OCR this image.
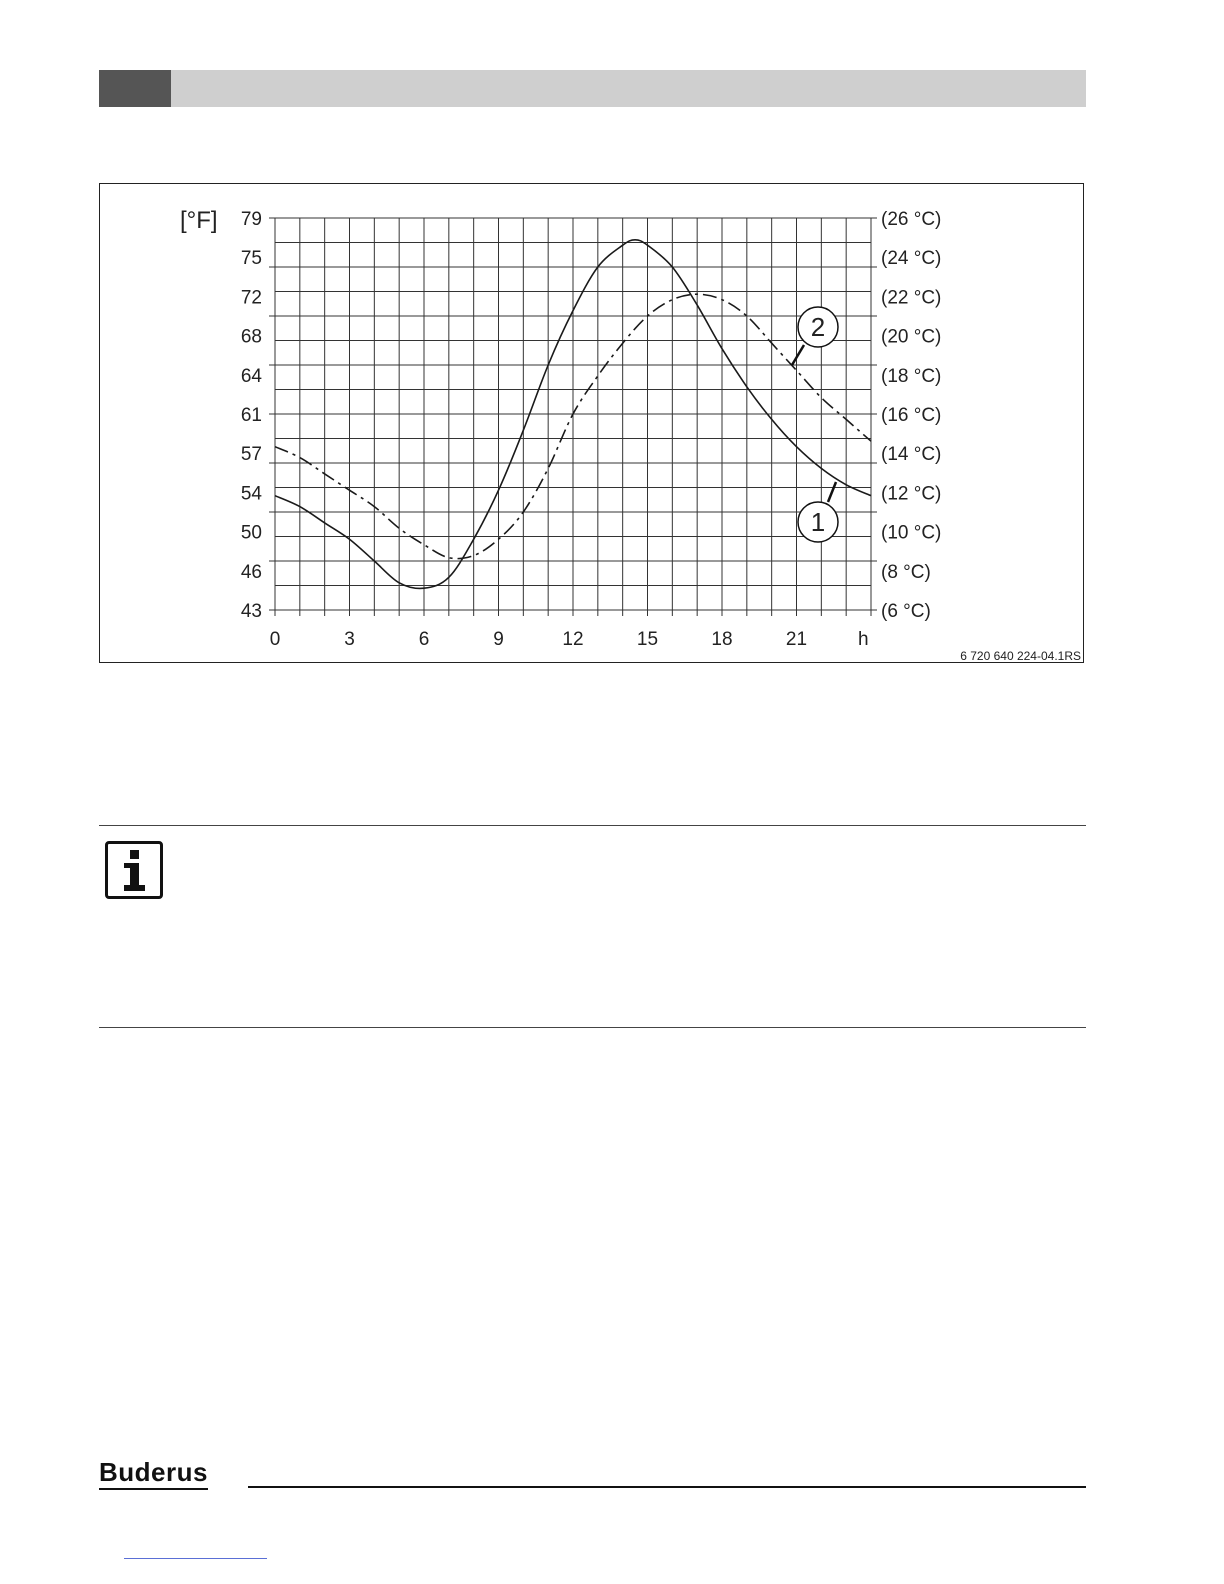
[°F] 79
75
72
68
64
61
57
54
50
46
43
(26 °C)
(24 °C)
(22 °C)
(20 °C)
(18 °C)
(16 °C)
(14 °C)
(12 °C)
(10 °C)
(8 °C)
(6 °C)
0	3	6	9	12	15	18	21
1
2
h
6 720 640 224-04.1RS
Buderus
